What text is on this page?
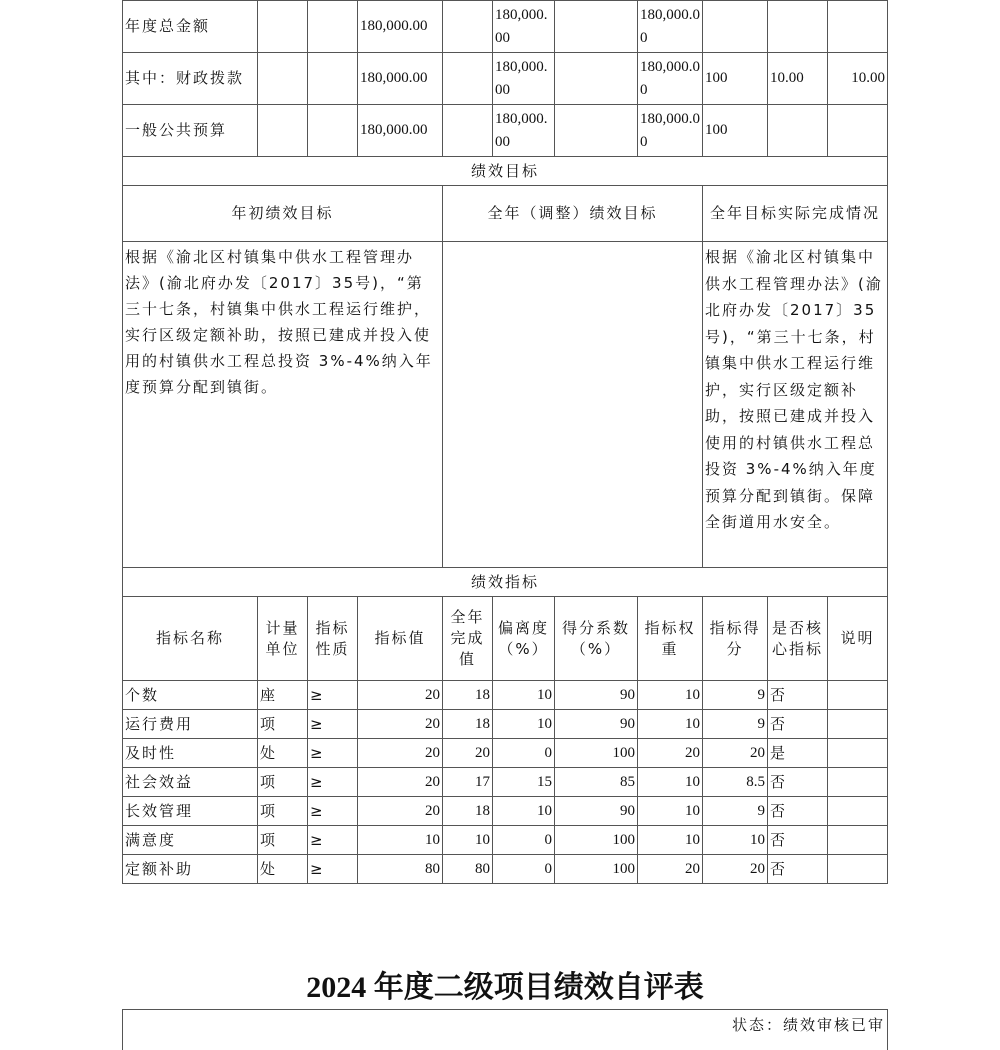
年度总金额			180,000.00		180,000.00		180,000.00			
其中：财政拨款			180,000.00		180,000.00		180,000.00	100	10.00	10.00
一般公共预算			180,000.00		180,000.00		180,000.00	100		
绩效目标										
年初绩效目标				全年（调整）绩效目标				全年目标实际完成情况		
根据《渝北区村镇集中供水工程管理办法》(渝北府办发〔2017〕35号)，“第三十七条，村镇集中供水工程运行维护，实行区级定额补助，按照已建成并投入使用的村镇供水工程总投资 3%-4%纳入年度预算分配到镇街。								根据《渝北区村镇集中供水工程管理办法》(渝北府办发〔2017〕35号)，“第三十七条，村镇集中供水工程运行维护，实行区级定额补助，按照已建成并投入使用的村镇供水工程总投资 3%-4%纳入年度预算分配到镇街。保障全街道用水安全。		
绩效指标										
指标名称	计量单位	指标性质	指标值	全年完成值	偏离度（%）	得分系数（%）	指标权重	指标得分	是否核心指标	说明
个数	座	≥	20	18	10	90	10	9	否	
运行费用	项	≥	20	18	10	90	10	9	否	
及时性	处	≥	20	20	0	100	20	20	是	
社会效益	项	≥	20	17	15	85	10	8.5	否	
长效管理	项	≥	20	18	10	90	10	9	否	
满意度	项	≥	10	10	0	100	10	10	否	
定额补助	处	≥	80	80	0	100	20	20	否	
2024 年度二级项目绩效自评表
状态：绩效审核已审
